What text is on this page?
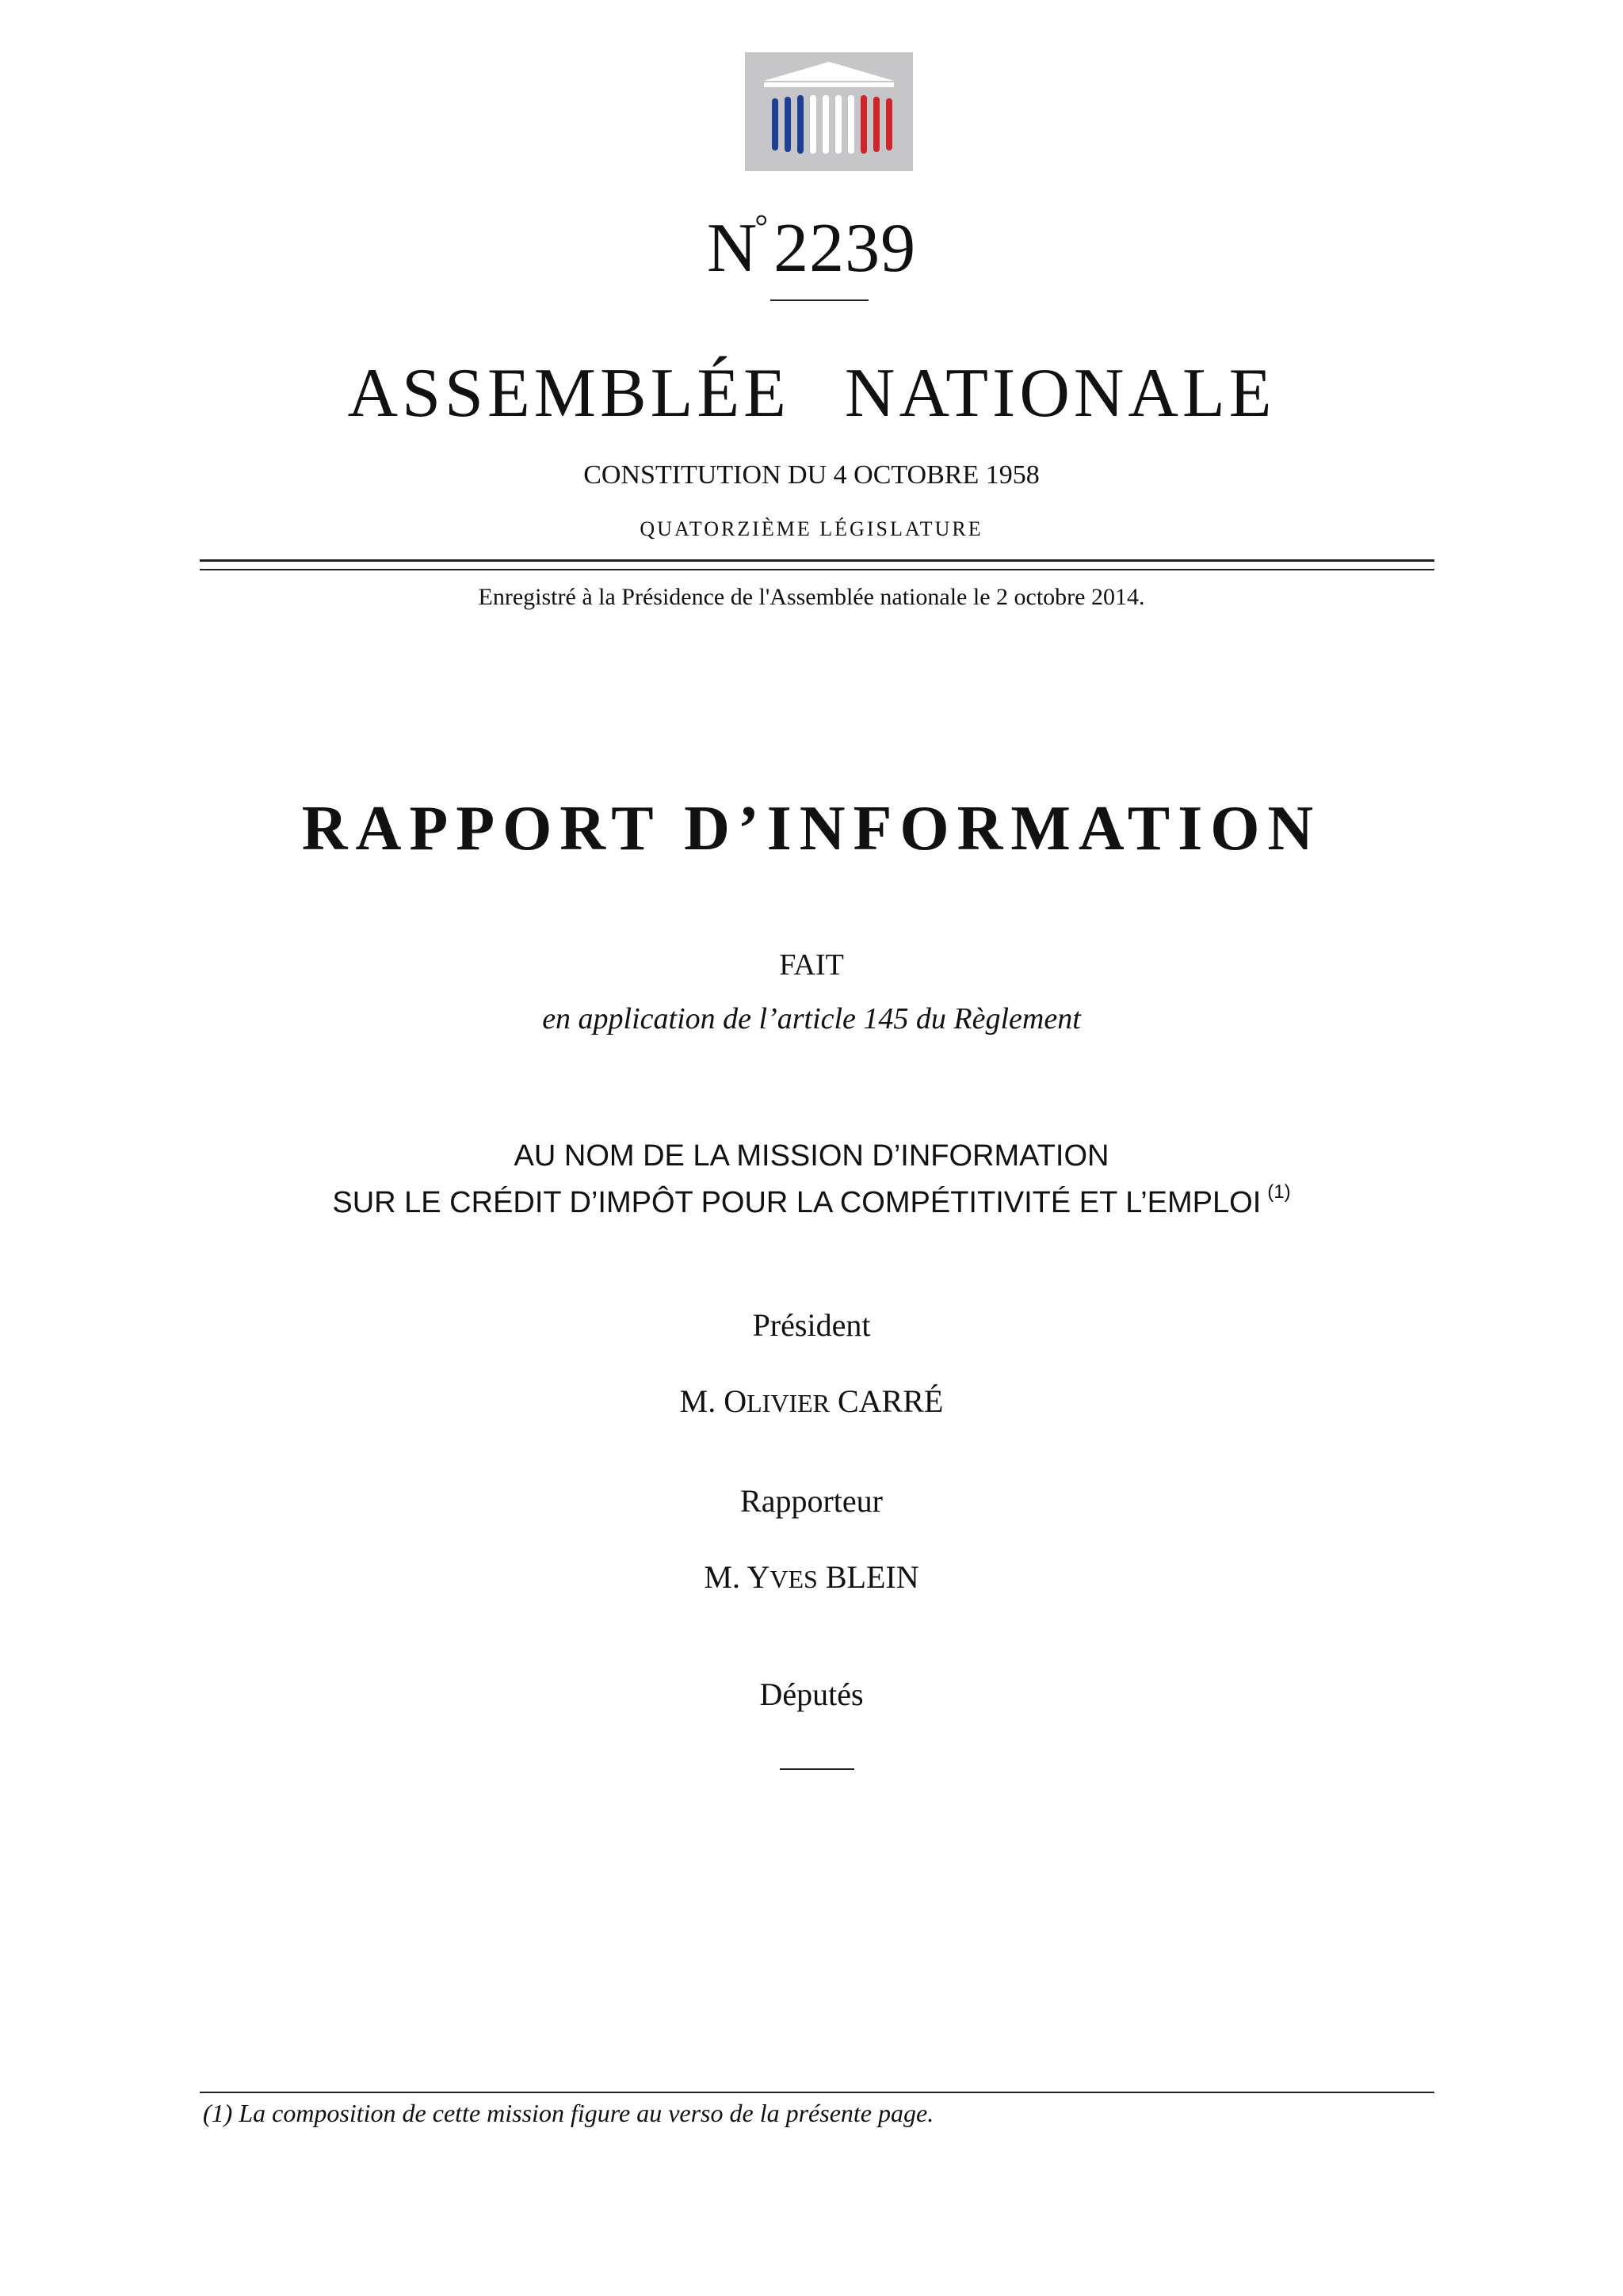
N°2239
ASSEMBLÉE NATIONALE
CONSTITUTION DU 4 OCTOBRE 1958
QUATORZIÈME LÉGISLATURE
Enregistré à la Présidence de l'Assemblée nationale le 2 octobre 2014.
RAPPORT D’INFORMATION
FAIT
en application de l’article 145 du Règlement
AU NOM DE LA MISSION D’INFORMATION
SUR LE CRÉDIT D’IMPÔT POUR LA COMPÉTITIVITÉ ET L’EMPLOI $^{(1)}$
Président
M. OLIVIER CARRÉ
Rapporteur
M. YVES BLEIN
Députés
(1) La composition de cette mission figure au verso de la présente page.
